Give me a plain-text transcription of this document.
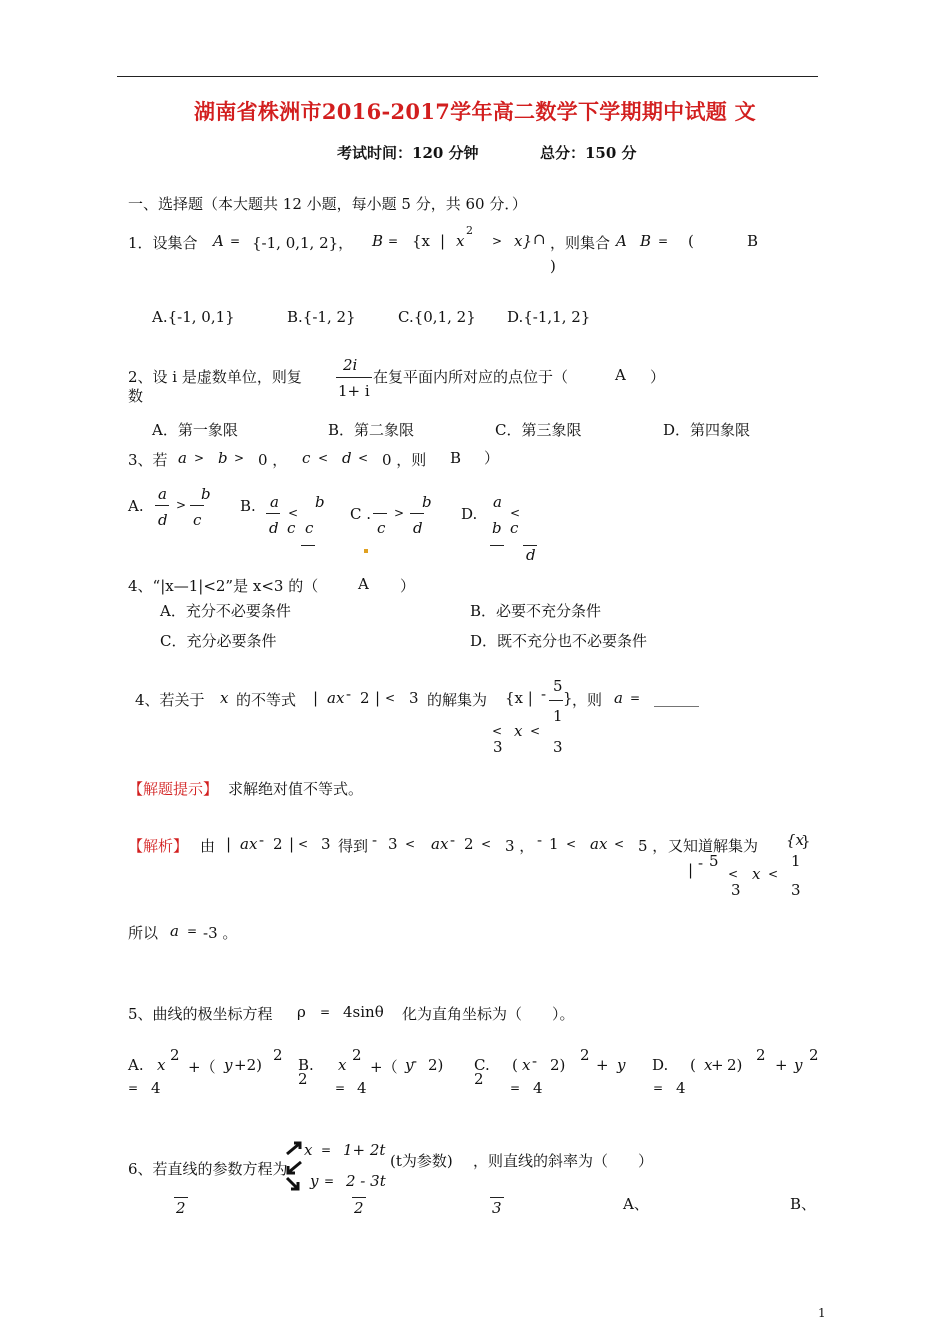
湖南省株洲市2016-2017学年高二数学下学期期中试题 文
考试时间：120 分钟	总分：150 分
一、选择题（本大题共 12 小题，每小题 5 分，共 60 分．）
1．设集合 A = {-1, 0,1, 2}， B = {x | x
2
> x} ∩ ，则集合 A B = (	B
)
A.{-1, 0,1}	B.{-1, 2}	C.{0,1, 2} D.{-1,1, 2}
2、设 i 是虚数单位，则复
2i
1+ i
在复平面内所对应的点位于（	A ）
数
A．第一象限	B．第二象限	C．第三象限	D．第四象限
3、若 a > b > 0 ， c < d < 0 ，则 B ）
A.
a
d
>
b
c
B. a
d
<
b
c c
C .
c
>
b
d
D.
a
b
<
c
d
4、“|x—1|<2”是 x<3 的（	A ）
A．充分不必要条件	B．必要不充分条件
C．充分必要条件	D．既不充分也不必要条件
4、若关于 x 的不等式 | ax - 2 | < 3 的解集为 {x | - 5
} ，则 a = ______
1
< x <
3	3
【解题提示】 求解绝对值不等式。
【解析】 由 | ax - 2 | < 3 得到 - 3 < ax - 2 < 3 ， - 1 < ax < 5 ， 又知道解集为 {x
}
| - 5
< x <
1
3	3
所以 a = -3 。
5、曲线的极坐标方程 ρ = 4sinθ 化为直角坐标为（　　）。
A. x
2
+（ y +2)
2
= 4
B. x
2
+（ y
- 2)
2 = 4
C. ( x - 2)
2
+ y
2 = 4
D. ( x
+ 2)
2
+ y
2
= 4
6、若直线的参数方程为
x = 1+ 2t
y = 2 - 3t
(t为参数) ，则直线的斜率为（　　）
A、	B、
2	2	3
1
